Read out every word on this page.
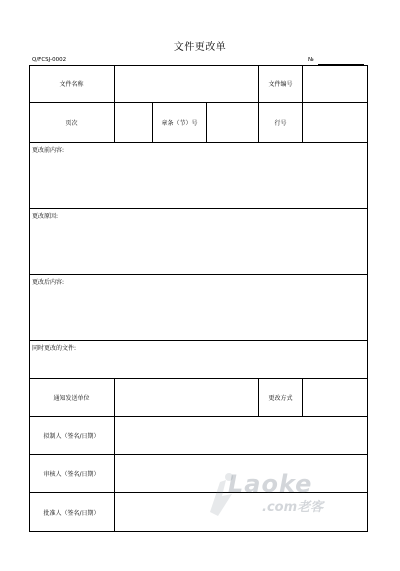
文件更改单
Q/FCSJ-0002	№
文件名称	文件编号
页次	章条（节）号	行号
更改前内容:
更改原因:
更改后内容:
同时更改的文件:
通知发送单位	更改方式
拟制人（签名/日期）
审核人（签名/日期）
批准人（签名/日期）
Laoke
.com老客
